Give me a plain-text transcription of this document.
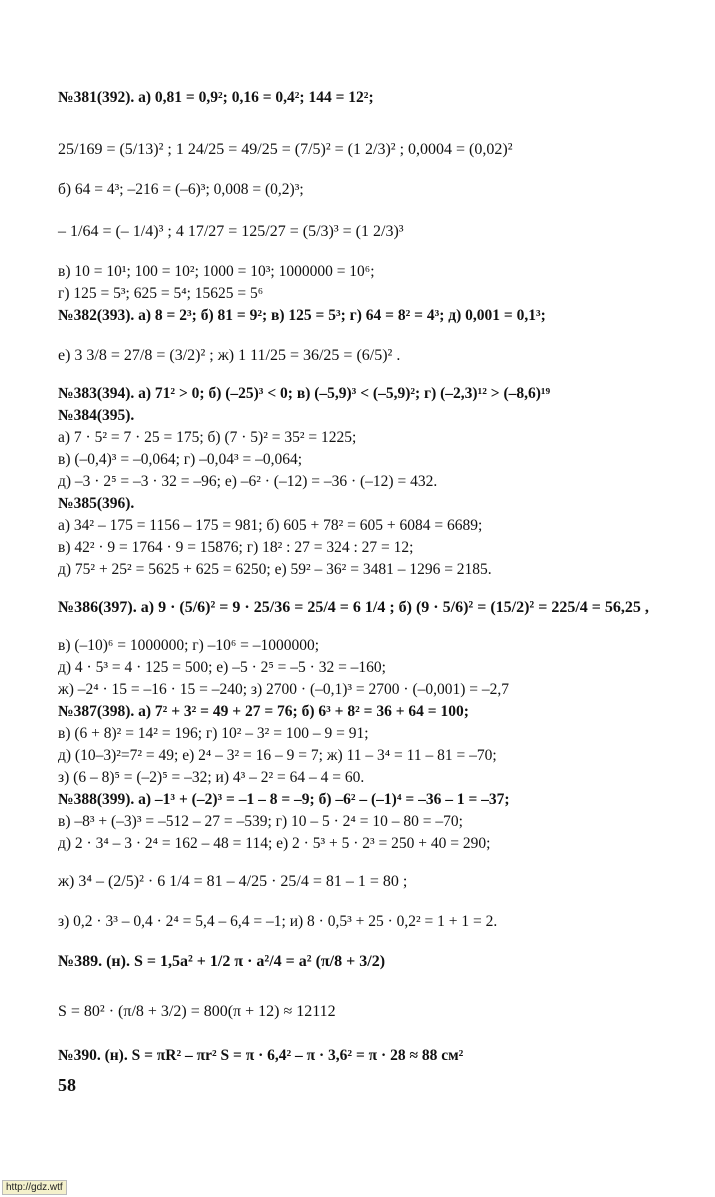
№381(392). а) 0,81 = 0,9²; 0,16 = 0,4²; 144 = 12²;
25/169 = (5/13)² ; 1 24/25 = 49/25 = (7/5)² = (1 2/3)² ; 0,0004 = (0,02)²
б) 64 = 4³; –216 = (–6)³; 0,008 = (0,2)³;
– 1/64 = (– 1/4)³ ; 4 17/27 = 125/27 = (5/3)³ = (1 2/3)³
в) 10 = 10¹; 100 = 10²; 1000 = 10³; 1000000 = 10⁶;
г) 125 = 5³; 625 = 5⁴; 15625 = 5⁶
№382(393). а) 8 = 2³; б) 81 = 9²; в) 125 = 5³; г) 64 = 8² = 4³; д) 0,001 = 0,1³;
е) 3 3/8 = 27/8 = (3/2)² ; ж) 1 11/25 = 36/25 = (6/5)² .
№383(394). а) 71² > 0; б) (–25)³ < 0; в) (–5,9)³ < (–5,9)²; г) (–2,3)¹² > (–8,6)¹⁹
№384(395).
а) 7 · 5² = 7 · 25 = 175; б) (7 · 5)² = 35² = 1225;
в) (–0,4)³ = –0,064; г) –0,04³ = –0,064;
д) –3 · 2⁵ = –3 · 32 = –96; е) –6² · (–12) = –36 · (–12) = 432.
№385(396).
а) 34² – 175 = 1156 – 175 = 981; б) 605 + 78² = 605 + 6084 = 6689;
в) 42² · 9 = 1764 · 9 = 15876; г) 18² : 27 = 324 : 27 = 12;
д) 75² + 25² = 5625 + 625 = 6250; е) 59² – 36² = 3481 – 1296 = 2185.
№386(397). а) 9 · (5/6)² = 9 · 25/36 = 25/4 = 6 1/4 ; б) (9 · 5/6)² = (15/2)² = 225/4 = 56,25 ,
в) (–10)⁶ = 1000000; г) –10⁶ = –1000000;
д) 4 · 5³ = 4 · 125 = 500; е) –5 · 2⁵ = –5 · 32 = –160;
ж) –2⁴ · 15 = –16 · 15 = –240; з) 2700 · (–0,1)³ = 2700 · (–0,001) = –2,7
№387(398). а) 7² + 3² = 49 + 27 = 76; б) 6³ + 8² = 36 + 64 = 100;
в) (6 + 8)² = 14² = 196; г) 10² – 3² = 100 – 9 = 91;
д) (10–3)²=7² = 49; е) 2⁴ – 3² = 16 – 9 = 7; ж) 11 – 3⁴ = 11 – 81 = –70;
з) (6 – 8)⁵ = (–2)⁵ = –32; и) 4³ – 2² = 64 – 4 = 60.
№388(399). а) –1³ + (–2)³ = –1 – 8 = –9; б) –6² – (–1)⁴ = –36 – 1 = –37;
в) –8³ + (–3)³ = –512 – 27 = –539; г) 10 – 5 · 2⁴ = 10 – 80 = –70;
д) 2 · 3⁴ – 3 · 2⁴ = 162 – 48 = 114; е) 2 · 5³ + 5 · 2³ = 250 + 40 = 290;
ж) 3⁴ – (2/5)² · 6 1/4 = 81 – 4/25 · 25/4 = 81 – 1 = 80 ;
з) 0,2 · 3³ – 0,4 · 2⁴ = 5,4 – 6,4 = –1; и) 8 · 0,5³ + 25 · 0,2² = 1 + 1 = 2.
№389. (н). S = 1,5a² + 1/2 π · a²/4 = a² (π/8 + 3/2)
S = 80² · (π/8 + 3/2) = 800(π + 12) ≈ 12112
№390. (н). S = πR² – πr² S = π · 6,4² – π · 3,6² = π · 28 ≈ 88 см²
58
http://gdz.wtf
